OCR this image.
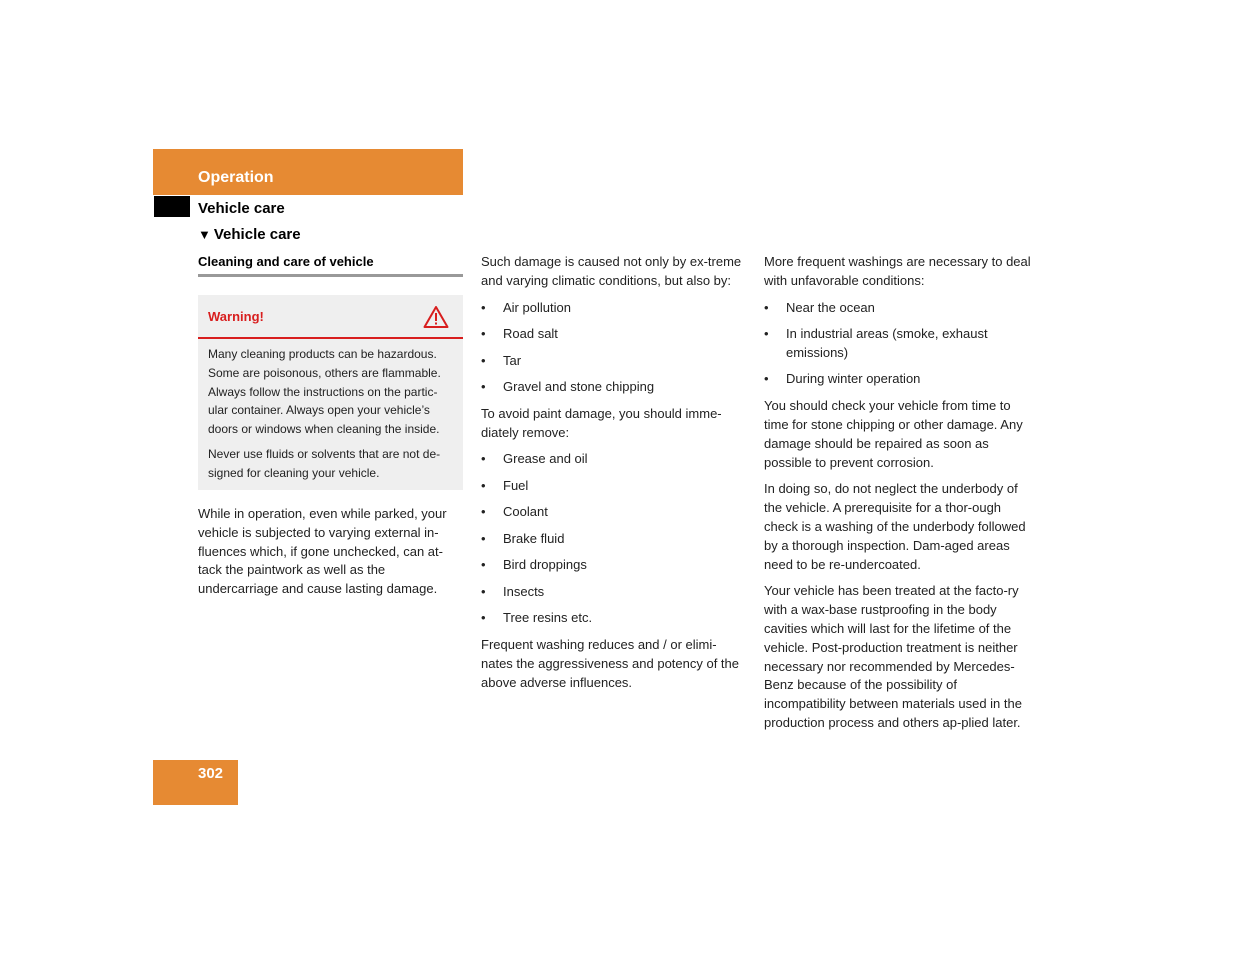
Operation
Vehicle care
▼ Vehicle care
Cleaning and care of vehicle
Warning!

Many cleaning products can be hazardous. Some are poisonous, others are flammable. Always follow the instructions on the partic-ular container. Always open your vehicle’s doors or windows when cleaning the inside.

Never use fluids or solvents that are not de-signed for cleaning your vehicle.

While in operation, even while parked, your vehicle is subjected to varying external in-fluences which, if gone unchecked, can at-tack the paintwork as well as the undercarriage and cause lasting damage.

Such damage is caused not only by ex-treme and varying climatic conditions, but also by:

• Air pollution
• Road salt
• Tar
• Gravel and stone chipping

To avoid paint damage, you should imme-diately remove:

• Grease and oil
• Fuel
• Coolant
• Brake fluid
• Bird droppings
• Insects
• Tree resins etc.

Frequent washing reduces and / or elimi-nates the aggressiveness and potency of the above adverse influences.

More frequent washings are necessary to deal with unfavorable conditions:

• Near the ocean
• In industrial areas (smoke, exhaust emissions)
• During winter operation

You should check your vehicle from time to time for stone chipping or other damage. Any damage should be repaired as soon as possible to prevent corrosion.

In doing so, do not neglect the underbody of the vehicle. A prerequisite for a thor-ough check is a washing of the underbody followed by a thorough inspection. Dam-aged areas need to be re-undercoated.

Your vehicle has been treated at the facto-ry with a wax-base rustproofing in the body cavities which will last for the lifetime of the vehicle. Post-production treatment is neither necessary nor recommended by Mercedes-Benz because of the possibility of incompatibility between materials used in the production process and others ap-plied later.

302
